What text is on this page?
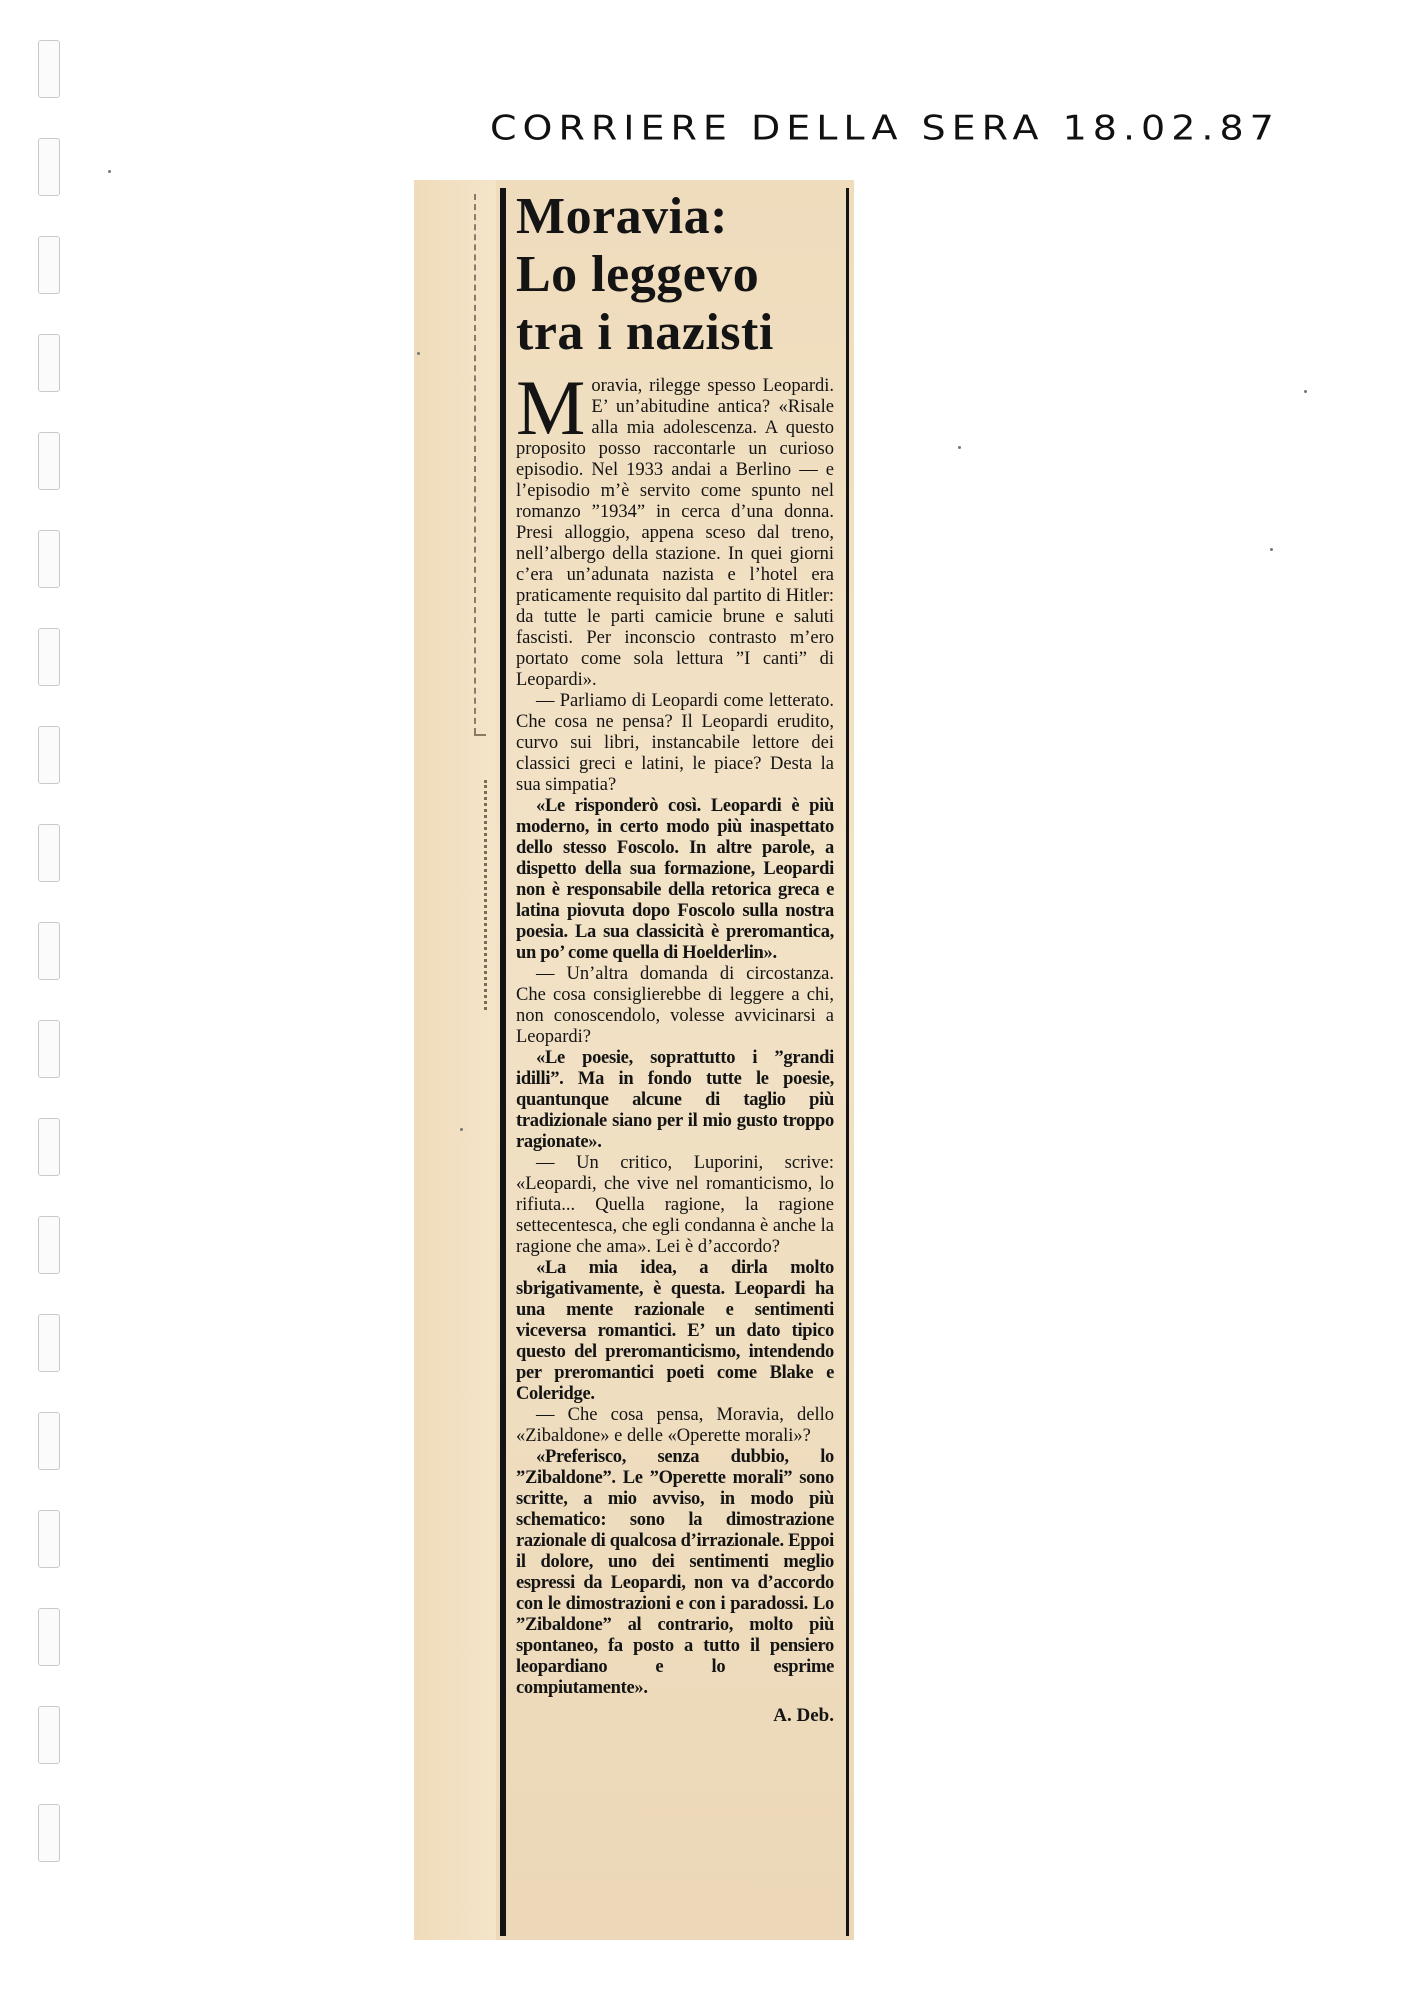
CORRIERE DELLA SERA 18.02.87
Moravia:
Lo leggevo
tra i nazisti

Moravia, rilegge spesso Leopardi. E’ un’abitudine antica? «Risale alla mia adolescenza. A questo proposito posso raccontarle un curioso episodio. Nel 1933 andai a Berlino — e l’episodio m’è servito come spunto nel romanzo ”1934” in cerca d’una donna. Presi alloggio, appena sceso dal treno, nell’albergo della stazione. In quei giorni c’era un’adunata nazista e l’hotel era praticamente requisito dal partito di Hitler: da tutte le parti camicie brune e saluti fascisti. Per inconscio contrasto m’ero portato come sola lettura ”I canti” di Leopardi».

— Parliamo di Leopardi come letterato. Che cosa ne pensa? Il Leopardi erudito, curvo sui libri, instancabile lettore dei classici greci e latini, le piace? Desta la sua simpatia?

«Le risponderò così. Leopardi è più moderno, in certo modo più inaspettato dello stesso Foscolo. In altre parole, a dispetto della sua formazione, Leopardi non è responsabile della retorica greca e latina piovuta dopo Foscolo sulla nostra poesia. La sua classicità è preromantica, un po’ come quella di Hoelderlin».

— Un’altra domanda di circostanza. Che cosa consiglierebbe di leggere a chi, non conoscendolo, volesse avvicinarsi a Leopardi?

«Le poesie, soprattutto i ”grandi idilli”. Ma in fondo tutte le poesie, quantunque alcune di taglio più tradizionale siano per il mio gusto troppo ragionate».

— Un critico, Luporini, scrive: «Leopardi, che vive nel romanticismo, lo rifiuta... Quella ragione, la ragione settecentesca, che egli condanna è anche la ragione che ama». Lei è d’accordo?

«La mia idea, a dirla molto sbrigativamente, è questa. Leopardi ha una mente razionale e sentimenti viceversa romantici. E’ un dato tipico questo del preromanticismo, intendendo per preromantici poeti come Blake e Coleridge.

— Che cosa pensa, Moravia, dello «Zibaldone» e delle «Operette morali»?

«Preferisco, senza dubbio, lo ”Zibaldone”. Le ”Operette morali” sono scritte, a mio avviso, in modo più schematico: sono la dimostrazione razionale di qualcosa d’irrazionale. Eppoi il dolore, uno dei sentimenti meglio espressi da Leopardi, non va d’accordo con le dimostrazioni e con i paradossi. Lo ”Zibaldone” al contrario, molto più spontaneo, fa posto a tutto il pensiero leopardiano e lo esprime compiutamente».

A. Deb.
